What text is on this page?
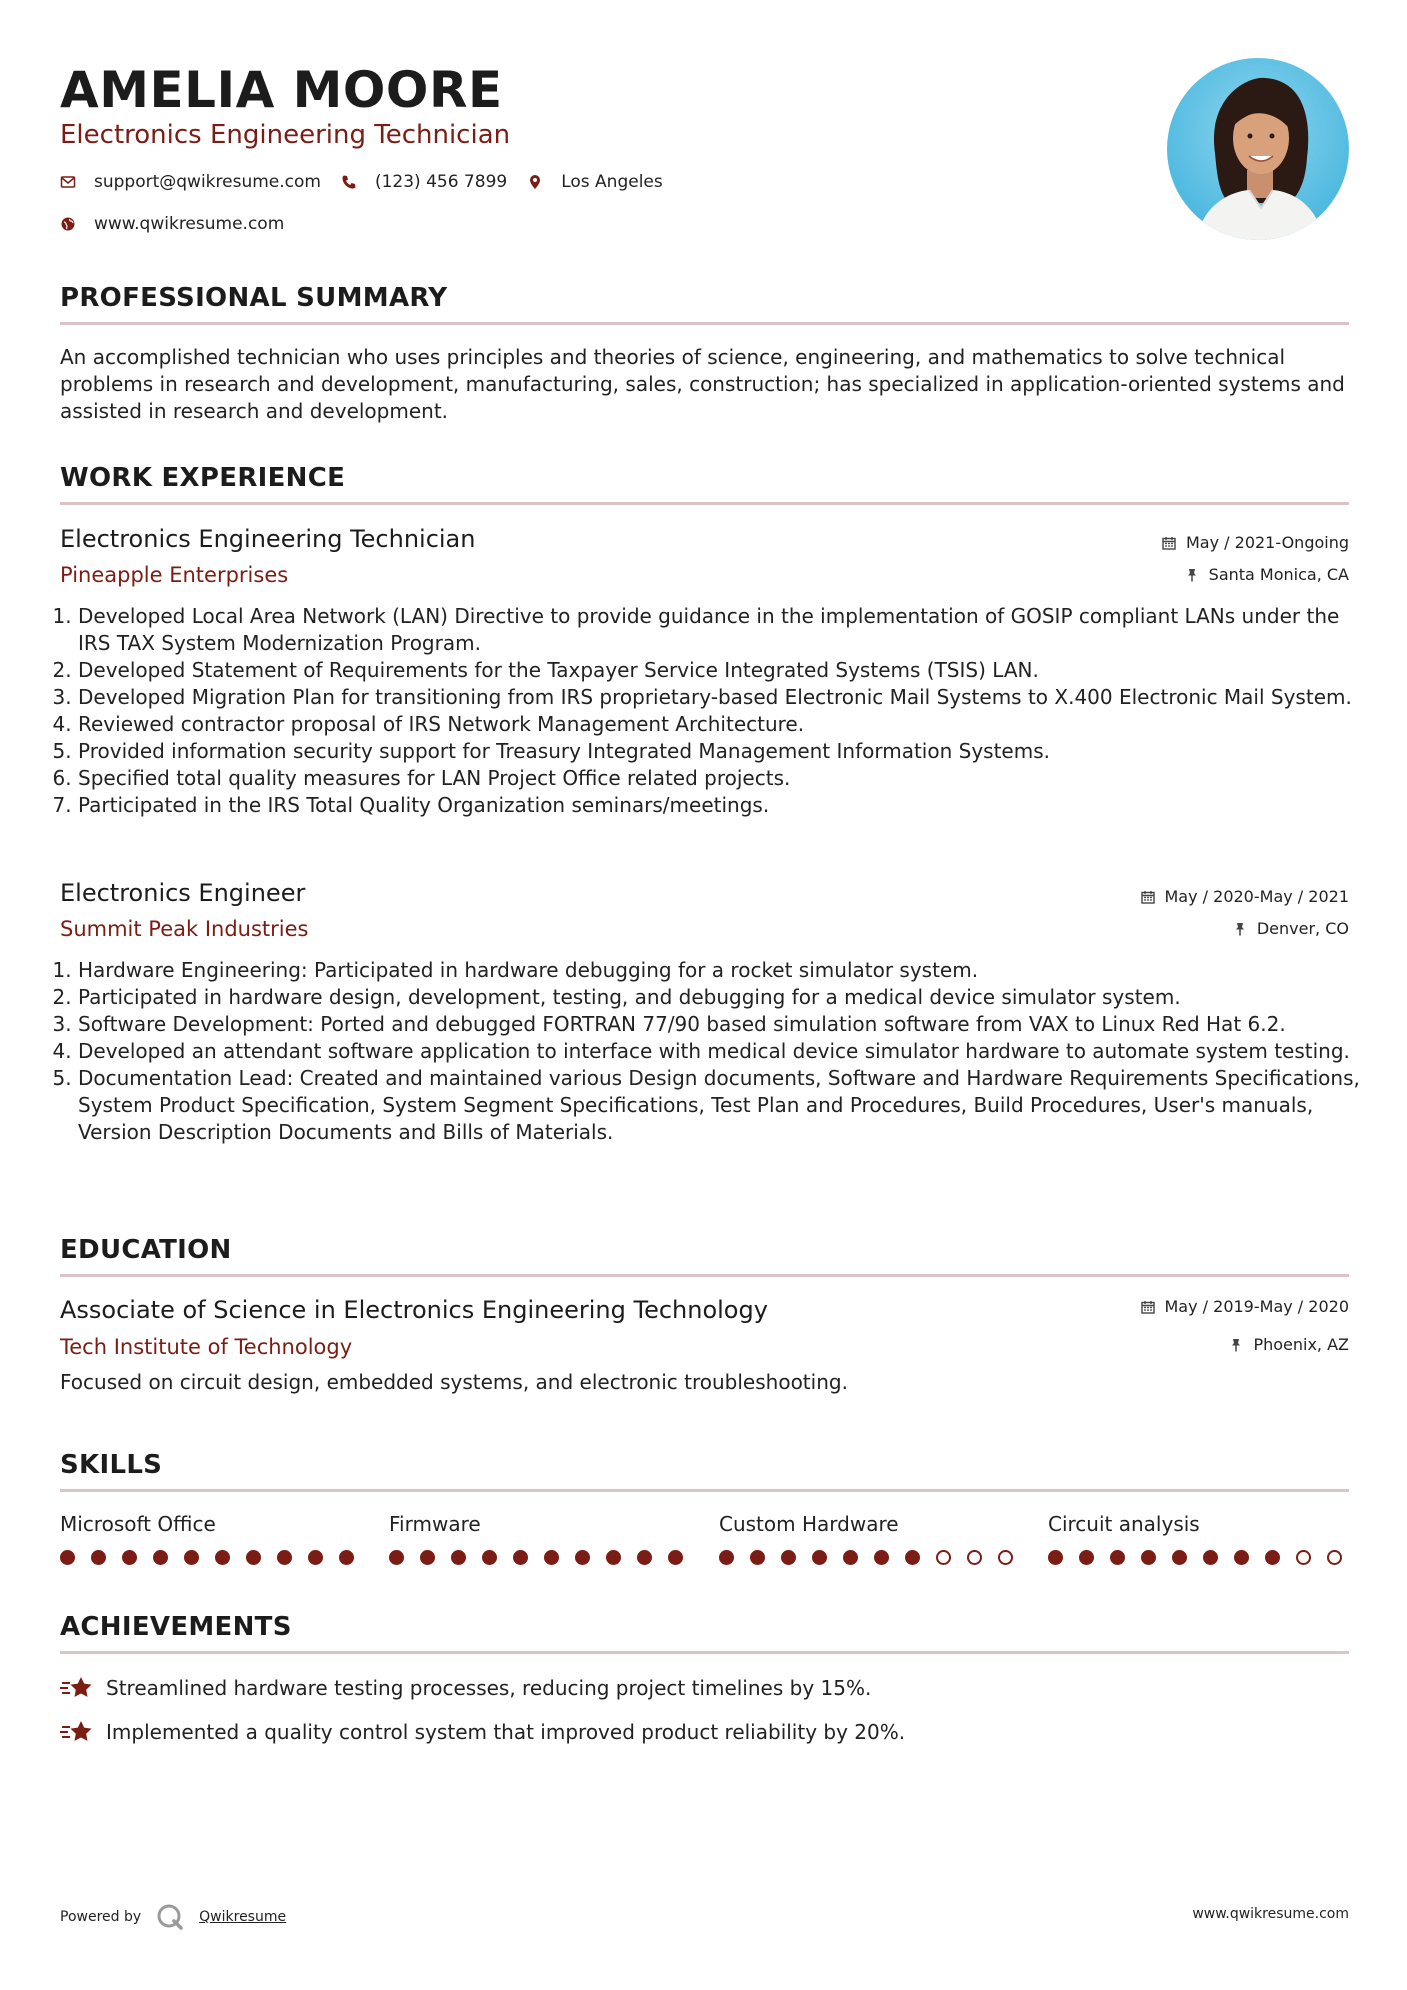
AMELIA MOORE
Electronics Engineering Technician
support@qwikresume.com	(123) 456 7899	Los Angeles
www.qwikresume.com
PROFESSIONAL SUMMARY

An accomplished technician who uses principles and theories of science, engineering, and mathematics to solve technical problems in research and development, manufacturing, sales, construction; has specialized in application-oriented systems and assisted in research and development.

WORK EXPERIENCE
Electronics Engineering Technician
Pineapple Enterprises
May / 2021-Ongoing
Santa Monica, CA
1. Developed Local Area Network (LAN) Directive to provide guidance in the implementation of GOSIP compliant LANs under the IRS TAX System Modernization Program.
2. Developed Statement of Requirements for the Taxpayer Service Integrated Systems (TSIS) LAN.
3. Developed Migration Plan for transitioning from IRS proprietary-based Electronic Mail Systems to X.400 Electronic Mail System.
4. Reviewed contractor proposal of IRS Network Management Architecture.
5. Provided information security support for Treasury Integrated Management Information Systems.
6. Specified total quality measures for LAN Project Office related projects.
7. Participated in the IRS Total Quality Organization seminars/meetings.
Electronics Engineer
Summit Peak Industries
May / 2020-May / 2021
Denver, CO
1. Hardware Engineering: Participated in hardware debugging for a rocket simulator system.
2. Participated in hardware design, development, testing, and debugging for a medical device simulator system.
3. Software Development: Ported and debugged FORTRAN 77/90 based simulation software from VAX to Linux Red Hat 6.2.
4. Developed an attendant software application to interface with medical device simulator hardware to automate system testing.
5. Documentation Lead: Created and maintained various Design documents, Software and Hardware Requirements Specifications, System Product Specification, System Segment Specifications, Test Plan and Procedures, Build Procedures, User's manuals, Version Description Documents and Bills of Materials.
EDUCATION
Associate of Science in Electronics Engineering Technology
Tech Institute of Technology
May / 2019-May / 2020
Phoenix, AZ
Focused on circuit design, embedded systems, and electronic troubleshooting.
SKILLS
Microsoft Office	Firmware	Custom Hardware	Circuit analysis
ACHIEVEMENTS
Streamlined hardware testing processes, reducing project timelines by 15%.
Implemented a quality control system that improved product reliability by 20%.
Powered by	Qwikresume	www.qwikresume.com
